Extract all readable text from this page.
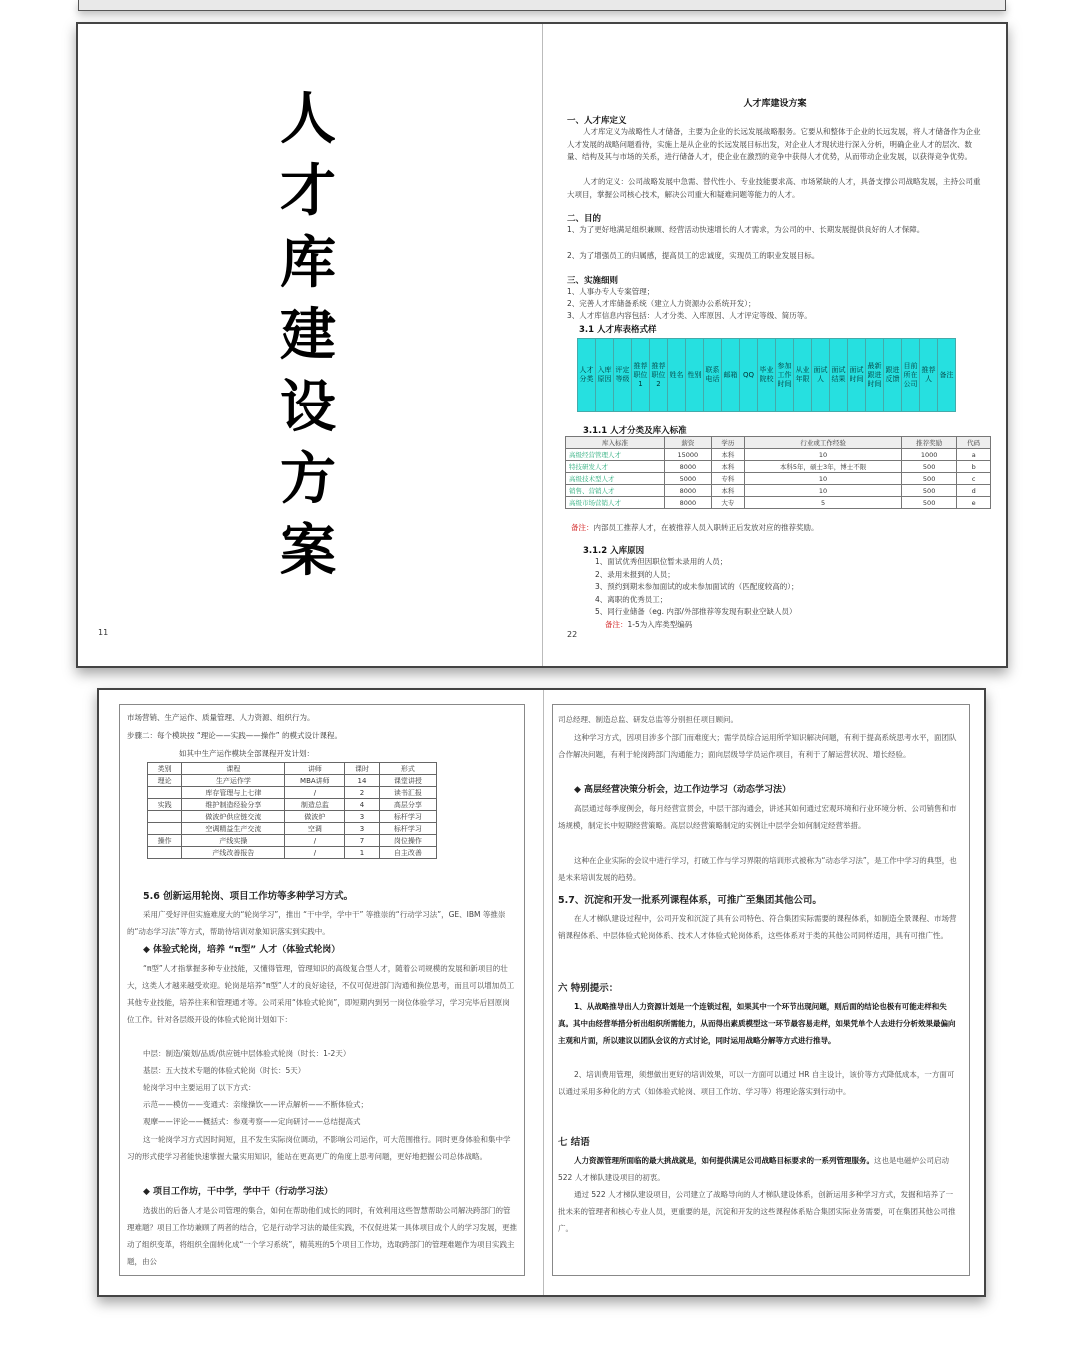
人
才
库
建
设
方
案
11
人才库建设方案
一、人才库定义
人才库定义为战略性人才储备，主要为企业的长远发展战略服务。它要从和整体于企业的长远发展，将人才储备作为企业人才发展的战略问题看待，实施上是从企业的长远发展目标出发，对企业人才现状进行深入分析，明确企业人才的层次、数量、结构及其与市场的关系，进行储备人才，使企业在激烈的竞争中获得人才优势，从而带动企业发展，以获得竞争优势。
人才的定义：公司战略发展中急需、替代性小、专业技能要求高、市场紧缺的人才，具备支撑公司战略发展，主持公司重大项目，掌握公司核心技术，解决公司重大和疑难问题等能力的人才。
二、目的
1、为了更好地满足组织兼顾、经营活动快速增长的人才需求，为公司的中、长期发展提供良好的人才保障。
2、为了增强员工的归属感，提高员工的忠诚度，实现员工的职业发展目标。
三、实施细则
1、人事办专人专案管理；
2、完善人才库储备系统（建立人力资源办公系统开发）；
3、人才库信息内容包括：人才分类、入库原因、人才评定等级、简历等。
3.1 人才库表格式样
人才分类	入库原因	评定等级	推荐职位1	推荐职位2	姓名	性别	联系电话	邮箱	QQ	毕业院校	参加工作时间	从业年限	面试人	面试结果	面试时间	最新跟进时间	跟进反馈	目前所在公司	推荐人	备注
3.1.1 人才分类及库入标准
库入标准	薪资	学历	行业或工作经验	推荐奖励	代码
高级经营管理人才	15000	本科	10	1000	a
特技研发人才	8000	本科	本科5年，硕士3年，博士不限	500	b
高级技术型人才	5000	专科	10	500	c
销售、营销人才	8000	本科	10	500	d
高级市场营销人才	8000	大专	5	500	e
备注：内部员工推荐人才，在被推荐人员入职转正后发放对应的推荐奖励。
3.1.2 入库原因
1、面试优秀但因职位暂未录用的人员；
2、录用未报到的人员；
3、预约到期未参加面试的或未参加面试的（匹配度较高的）；
4、离职的优秀员工；
5、同行业储备（eg. 内部/外部推荐等发现有职业空缺人员）
备注：1-5为入库类型编码
22
市场营销、生产运作、质量管理、人力资源、组织行为。
步骤二：每个模块按 “理论——实践——操作” 的模式设计课程。
如其中生产运作模块全部课程开发计划：
类别	课程	讲师	课时	形式
理论	生产运作学	MBA讲师	14	课堂讲授
	库存管理与上七律	/	2	读书汇报
实践	维护制造经验分享	制造总监	4	高层分享
	做波炉供应链交流	做波炉	3	标杆学习
	空调精益生产交流	空调	3	标杆学习
操作	产线实操	/	7	岗位操作
	产线改善报告	/	1	自主改善
5.6 创新运用轮岗、项目工作坊等多种学习方式。
采用广受好评但实施难度大的“轮岗学习”，推出 “干中学，学中干” 等推崇的“行动学习法”，GE、IBM 等推崇的“动态学习法”等方式，帮助待培训对象知识落实到实践中。
◆ 体验式轮岗，培养 “π型” 人才（体验式轮岗）
“π型”人才指掌握多种专业技能，又懂得管理，管理知识的高级复合型人才，随着公司规模的发展和新项目的壮大，这类人才越来越受欢迎。轮岗是培养“π型”人才的良好途径，不仅可促进部门沟通和换位思考，而且可以增加员工其他专业技能，培养往来和管理通才等。公司采用“体验式轮岗”，即短期内到另一岗位体验学习，学习完毕后回原岗位工作。针对各层级开设的体验式轮岗计划如下：
中层：制造/策划/品质/供应链中层体验式轮岗（时长：1-2天）
基层：五大技术专题的体验式轮岗（时长：5天）
轮岗学习中主要运用了以下方式：
示范——模仿——变通式：亲缘操饮——评点解析——不断体验式；
观摩——评论——概括式：参观考察——定向研讨——总结提高式
这一轮岗学习方式因时间短，且不发生实际岗位调动，不影响公司运作，可大范围推行。同时更身体验和集中学习的形式使学习者能快速掌握大量实用知识，能站在更高更广的角度上思考问题，更好地把握公司总体战略。
◆ 项目工作坊，干中学，学中干（行动学习法）
选拔出的后备人才是公司管理的集合，如何在帮助他们成长的同时，有效利用这些智慧帮助公司解决跨部门的管理难题？项目工作坊兼顾了两者的结合，它是行动学习法的最佳实践，不仅促进某一具体项目成个人的学习发展，更推动了组织变革，将组织全面转化成“一个学习系统”，精英班的5个项目工作坊，选取跨部门的管理难题作为项目实践主题，由公
司总经理、制造总监、研发总监等分别担任项目顾问。
这种学习方式，因项目涉多个部门而难度大；需学员综合运用所学知识解决问题，有利于提高系统思考水平，面团队合作解决问题，有利于轮岗跨部门沟通能力；面向层级导学员运作项目，有利于了解运营状况、增长经验。
◆ 高层经营决策分析会，边工作边学习（动态学习法）
高层通过每季度例会，每月经营宣贯会，中层干部沟通会，讲述其如何通过宏观环境和行业环境分析、公司销售和市场规模，制定长中短期经营策略。高层以经营策略制定的实例让中层学会如何制定经营举措。
这种在企业实际的会议中进行学习，打破工作与学习界限的培训形式被称为“动态学习法”，是工作中学习的典型，也是未来培训发展的趋势。
5.7、沉淀和开发一批系列课程体系，可推广至集团其他公司。
在人才梯队建设过程中，公司开发和沉淀了具有公司特色、符合集团实际需要的课程体系，如制造全景课程、市场营销课程体系、中层体验式轮岗体系、技术人才体验式轮岗体系，这些体系对于类的其他公司同样适用，具有可推广性。
六 特别提示：
1、从战略推导出人力资源计划是一个连锁过程，如果其中一个环节出现问题，则后面的结论也极有可能走样和失真。其中由经营举措分析出组织所需能力，从而得出素质模型这一环节最容易走样，如果凭单个人去进行分析效果最偏向主观和片面，所以建议以团队会议的方式讨论，同时运用战略分解等方式进行推导。
2、培训费用管理，须想做出更好的培训效果，可以一方面可以通过 HR 自主设计，该价等方式降低成本，一方面可以通过采用多种化的方式（如体验式轮岗、项目工作坊、学习等）将理论落实到行动中。
七 结语
人力资源管理所面临的最大挑战就是，如何提供满足公司战略目标要求的一系列管理服务。这也是电磁炉公司启动 522 人才梯队建设项目的初衷。
通过 522 人才梯队建设项目，公司建立了战略导向的人才梯队建设体系，创新运用多种学习方式，发掘和培养了一批未来的管理者和核心专业人员，更重要的是，沉淀和开发的这些课程体系贴合集团实际业务需要，可在集团其他公司推广。
